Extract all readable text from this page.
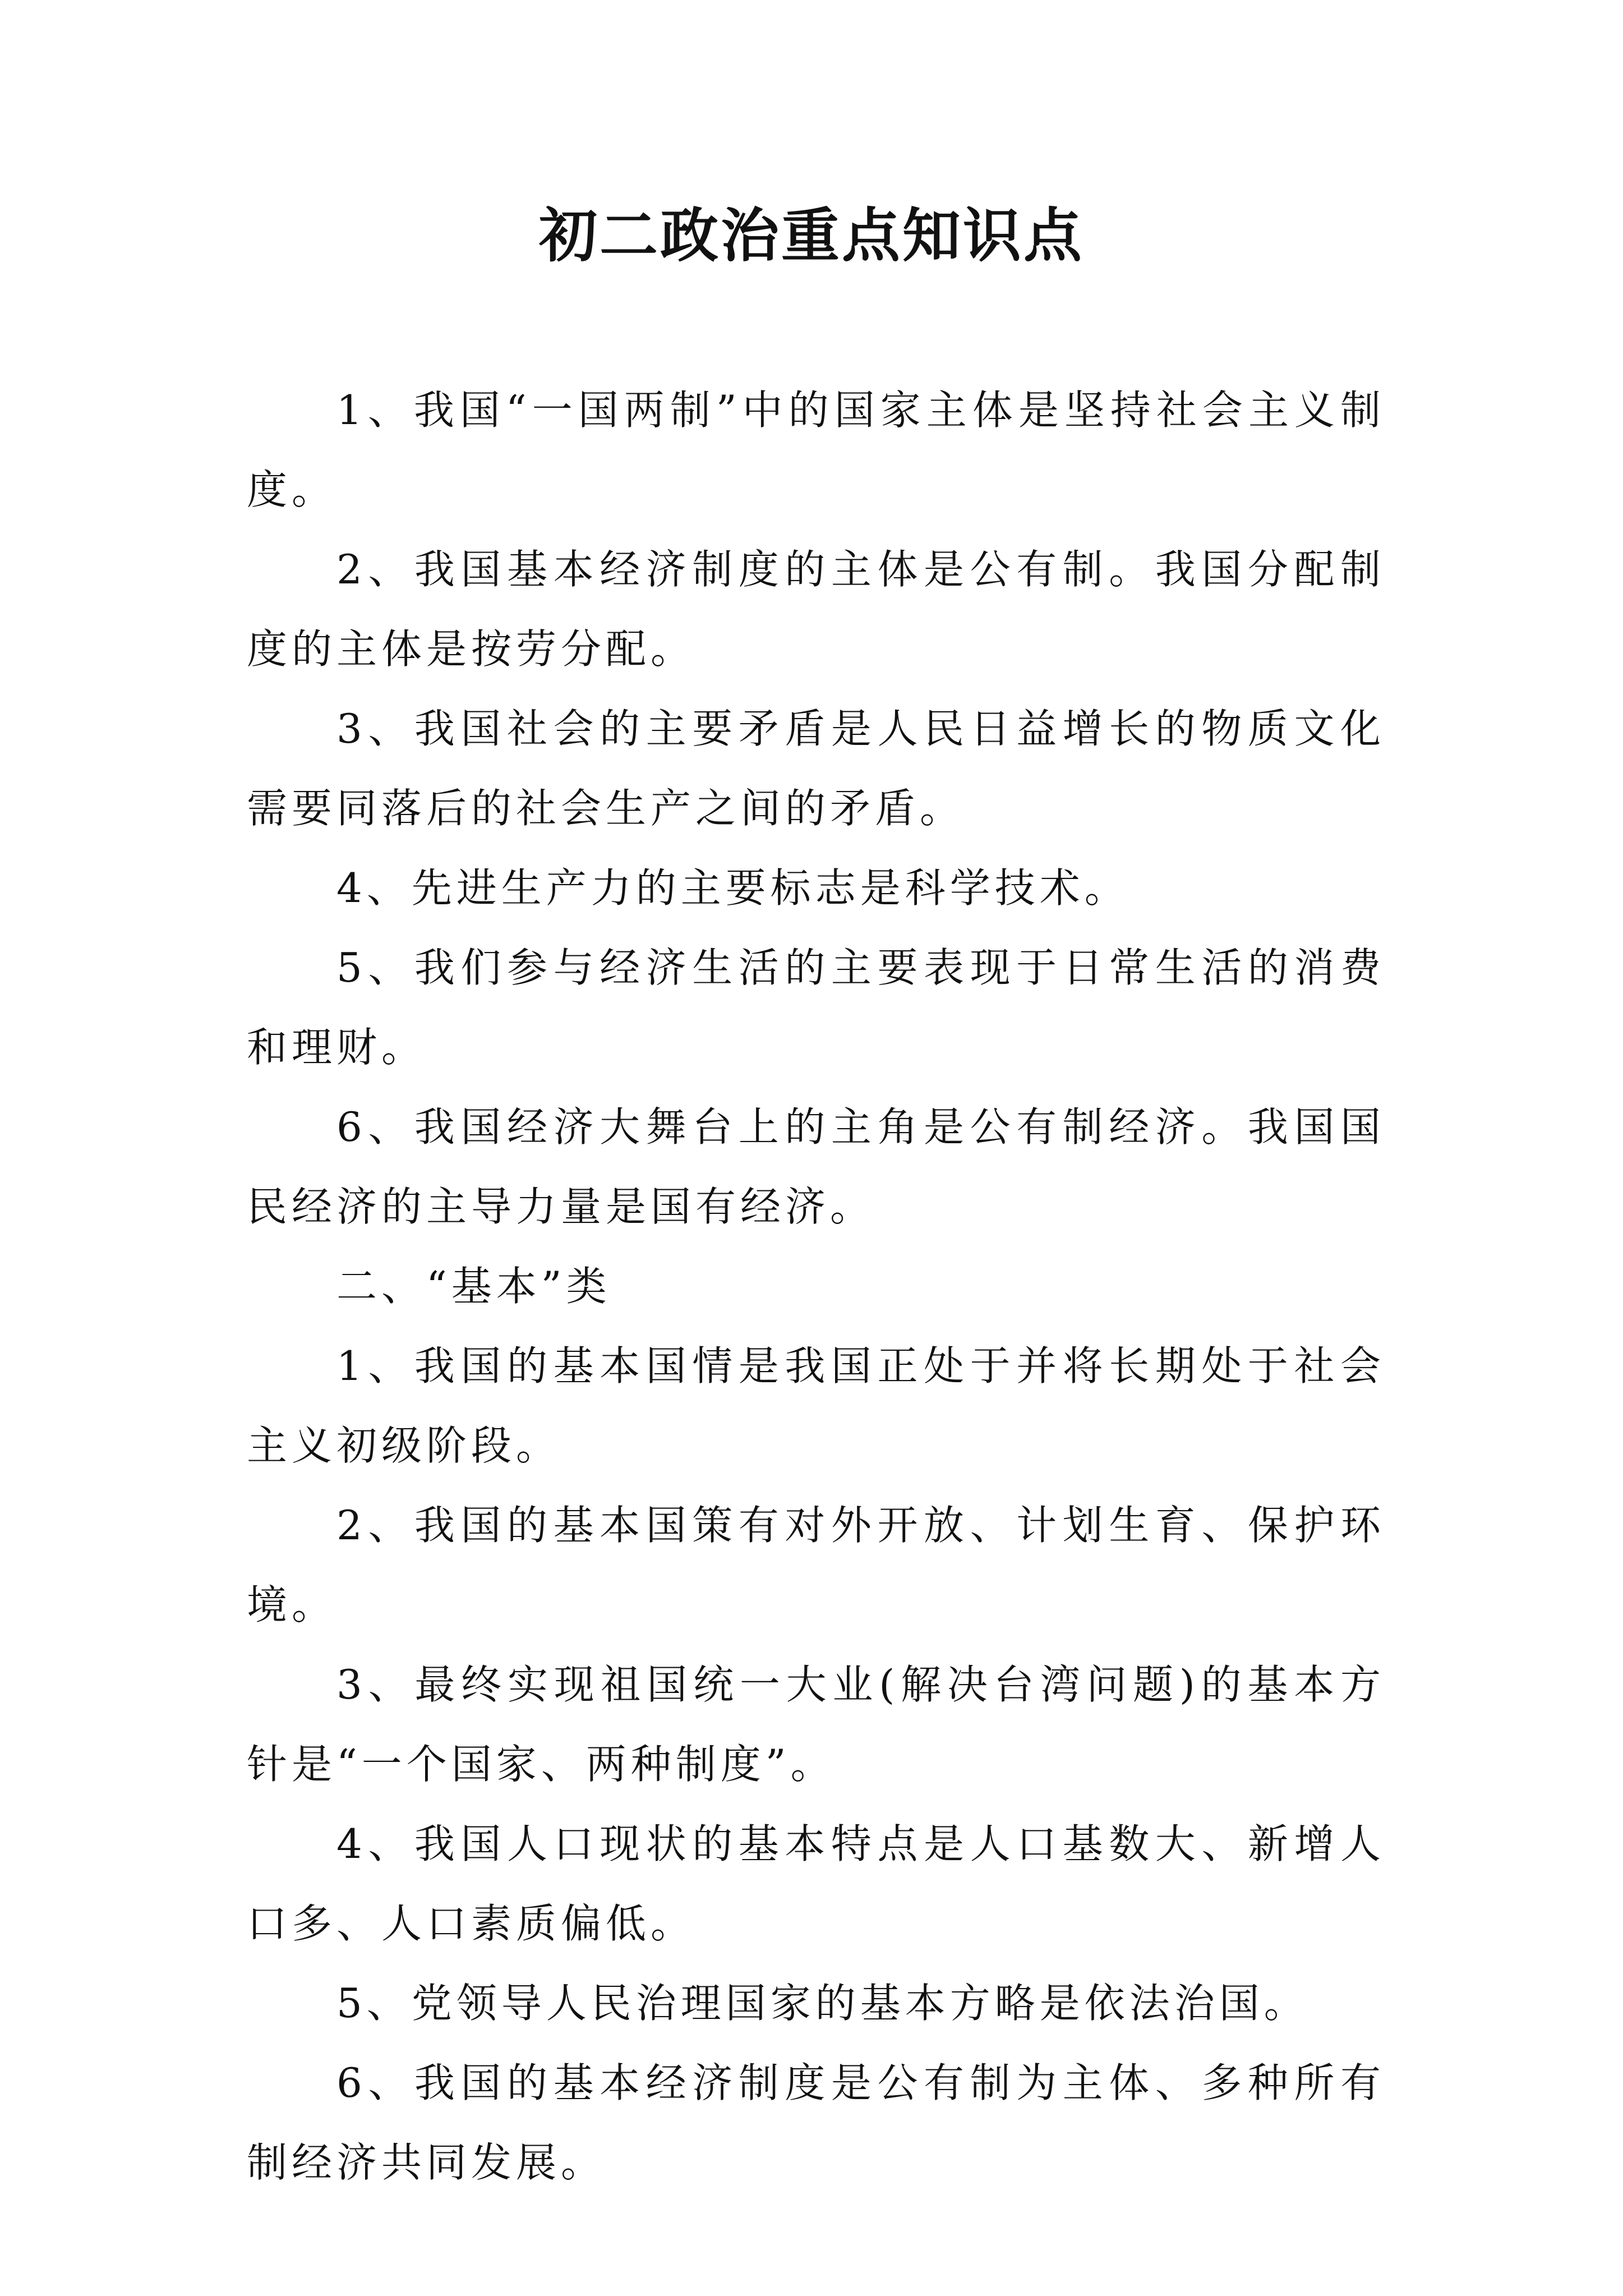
初二政治重点知识点

1、我国“一国两制”中的国家主体是坚持社会主义制度。

2、我国基本经济制度的主体是公有制。我国分配制度的主体是按劳分配。

3、我国社会的主要矛盾是人民日益增长的物质文化需要同落后的社会生产之间的矛盾。

4、先进生产力的主要标志是科学技术。

5、我们参与经济生活的主要表现于日常生活的消费和理财。

6、我国经济大舞台上的主角是公有制经济。我国国民经济的主导力量是国有经济。

二、“基本”类

1、我国的基本国情是我国正处于并将长期处于社会主义初级阶段。

2、我国的基本国策有对外开放、计划生育、保护环境。

3、最终实现祖国统一大业(解决台湾问题)的基本方针是“一个国家、两种制度”。

4、我国人口现状的基本特点是人口基数大、新增人口多、人口素质偏低。

5、党领导人民治理国家的基本方略是依法治国。

6、我国的基本经济制度是公有制为主体、多种所有制经济共同发展。
